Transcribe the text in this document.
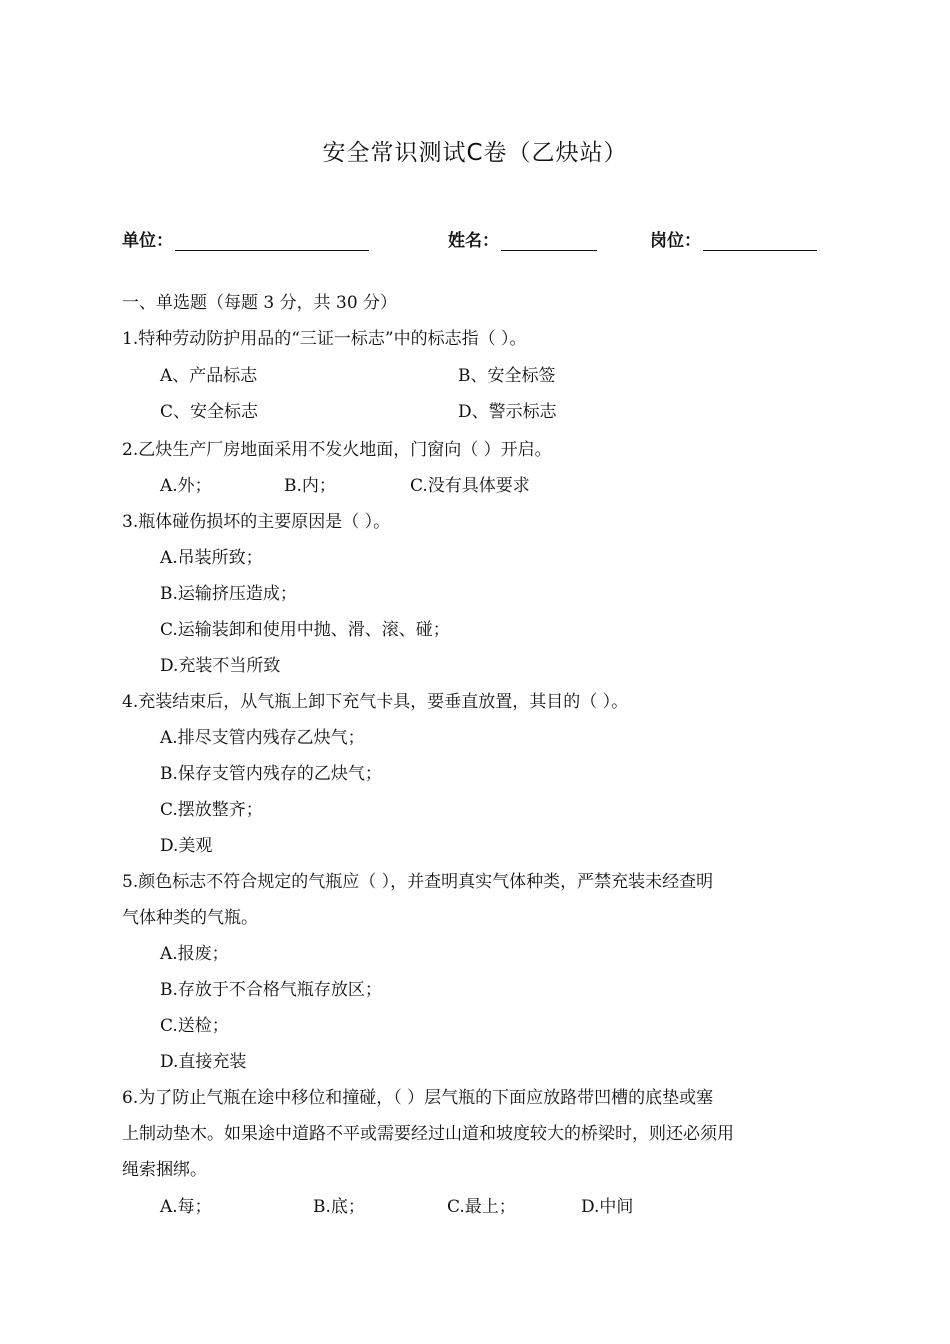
安全常识测试C卷（乙炔站）
单位：	姓名：	岗位：
一、单选题（每题 3 分，共 30 分）
1.特种劳动防护用品的“三证一标志”中的标志指（ ）。
A、产品标志	B、安全标签
C、安全标志	D、警示标志
2.乙炔生产厂房地面采用不发火地面，门窗向（ ）开启。
A.外；	B.内；	C.没有具体要求
3.瓶体碰伤损坏的主要原因是（ ）。
A.吊装所致；
B.运输挤压造成；
C.运输装卸和使用中抛、滑、滚、碰；
D.充装不当所致
4.充装结束后，从气瓶上卸下充气卡具，要垂直放置，其目的（ ）。
A.排尽支管内残存乙炔气；
B.保存支管内残存的乙炔气；
C.摆放整齐；
D.美观
5.颜色标志不符合规定的气瓶应（ ），并查明真实气体种类，严禁充装未经查明
气体种类的气瓶。
A.报废；
B.存放于不合格气瓶存放区；
C.送检；
D.直接充装
6.为了防止气瓶在途中移位和撞碰，（ ）层气瓶的下面应放路带凹槽的底垫或塞
上制动垫木。如果途中道路不平或需要经过山道和坡度较大的桥梁时，则还必须用
绳索捆绑。
A.每；	B.底；	C.最上；	D.中间
